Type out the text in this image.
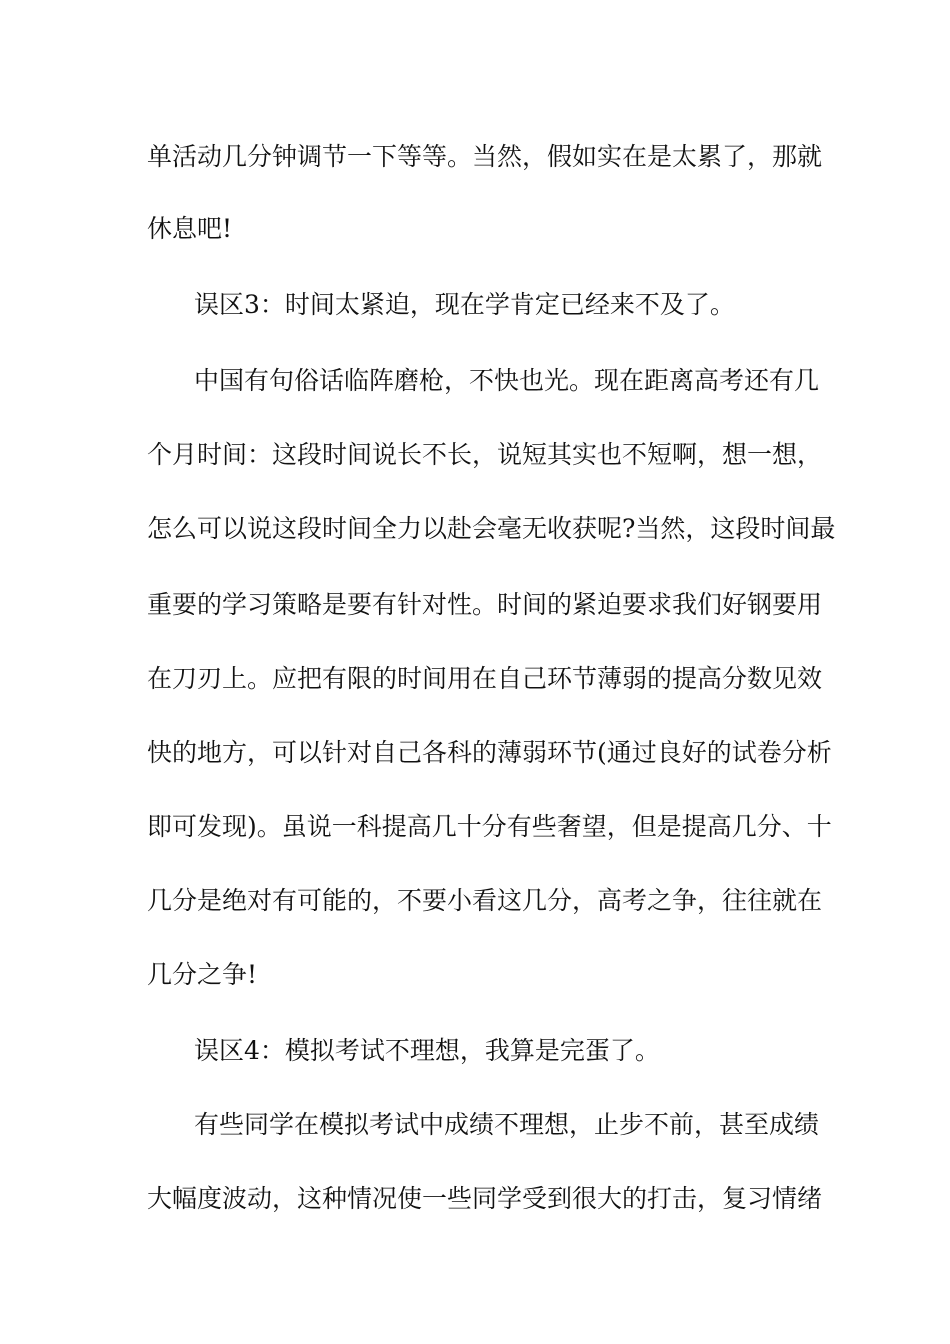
单活动几分钟调节一下等等。当然，假如实在是太累了，那就
休息吧!
误区3：时间太紧迫，现在学肯定已经来不及了。
中国有句俗话临阵磨枪，不快也光。现在距离高考还有几
个月时间：这段时间说长不长，说短其实也不短啊，想一想，
怎么可以说这段时间全力以赴会毫无收获呢?当然，这段时间最
重要的学习策略是要有针对性。时间的紧迫要求我们好钢要用
在刀刃上。应把有限的时间用在自己环节薄弱的提高分数见效
快的地方，可以针对自己各科的薄弱环节(通过良好的试卷分析
即可发现)。虽说一科提高几十分有些奢望，但是提高几分、十
几分是绝对有可能的，不要小看这几分，高考之争，往往就在
几分之争!
误区4：模拟考试不理想，我算是完蛋了。
有些同学在模拟考试中成绩不理想，止步不前，甚至成绩
大幅度波动，这种情况使一些同学受到很大的打击，复习情绪
